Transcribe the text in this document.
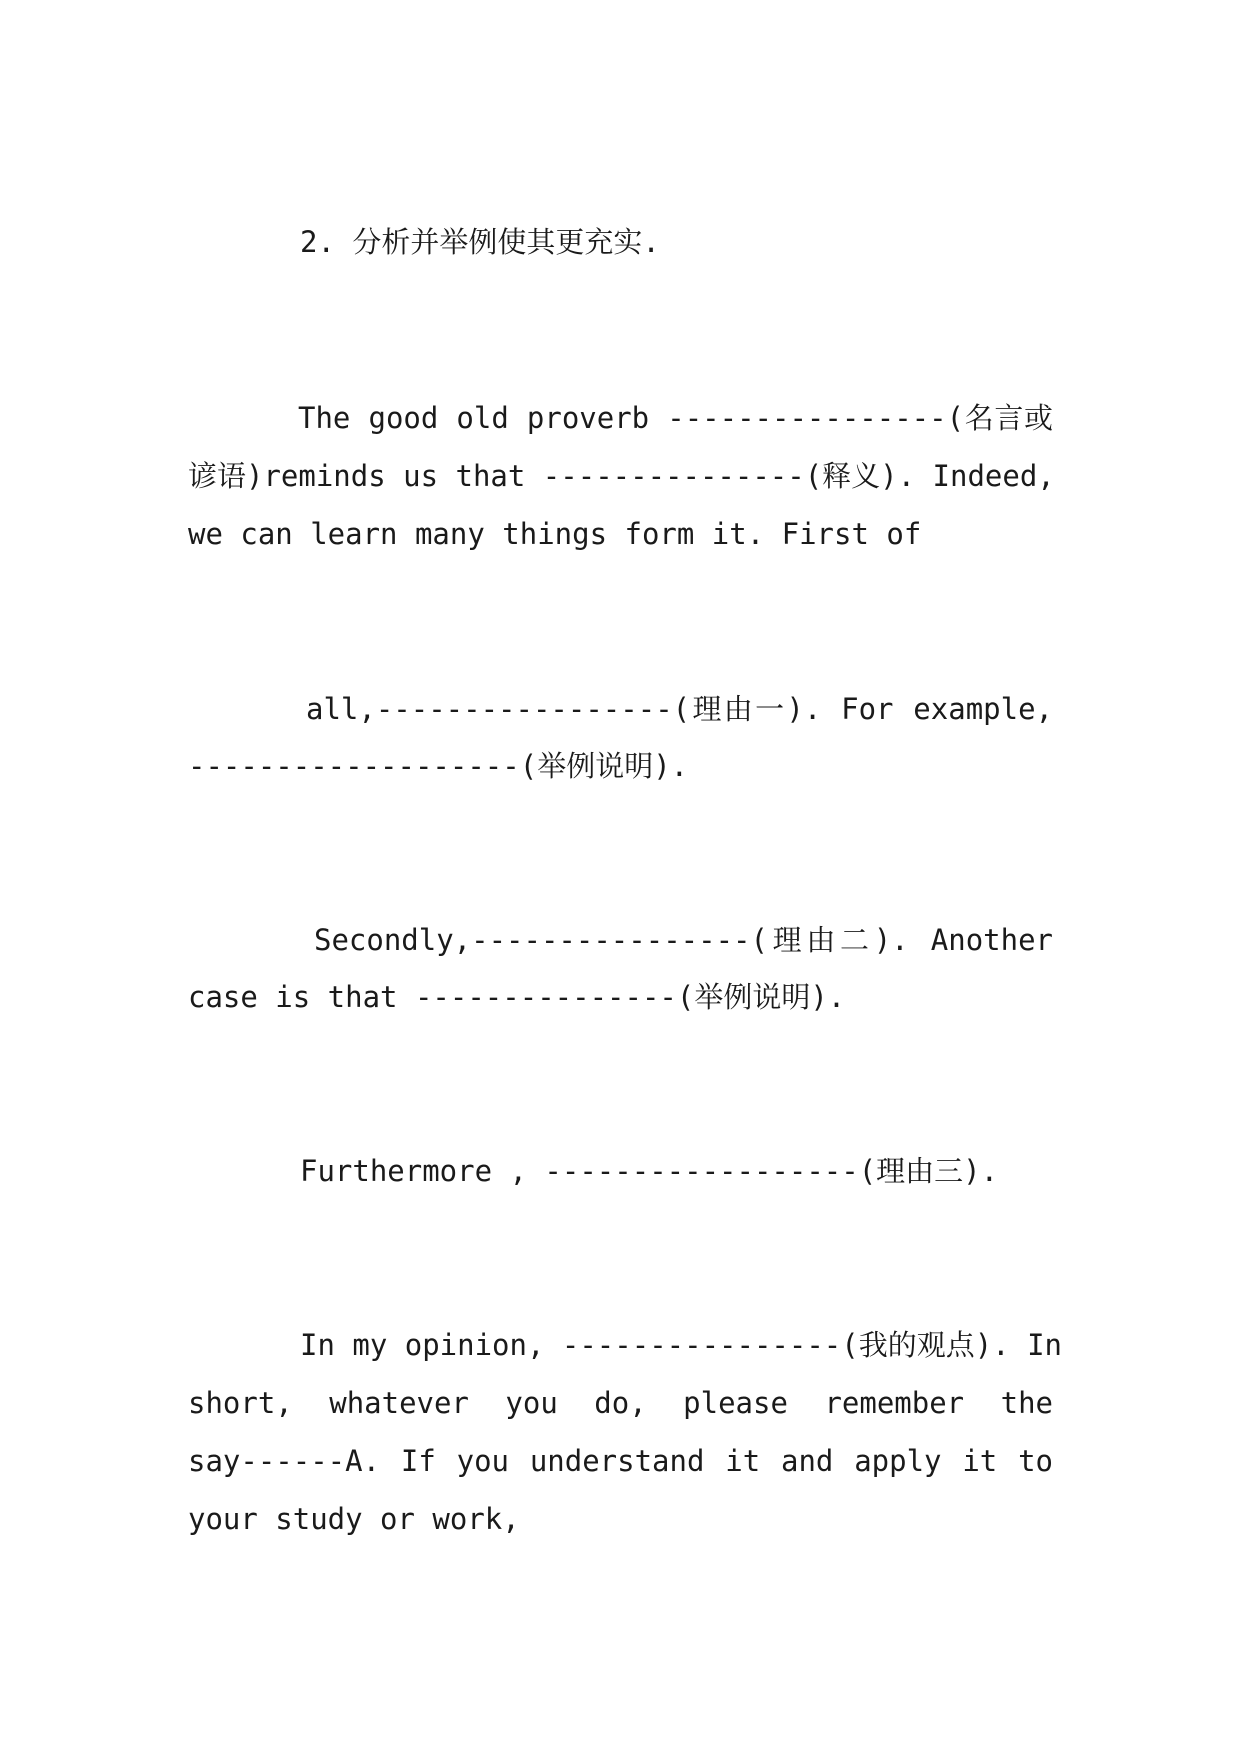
2. 分析并举例使其更充实.
The good old proverb ----------------(名言或
谚语)reminds us that ---------------(释义). Indeed,
we can learn many things form it. First of
all,-----------------(理由一). For example,
-------------------(举例说明).
Secondly,----------------(理由二). Another
case is that ---------------(举例说明).
Furthermore , ------------------(理由三).
In my opinion, ----------------(我的观点). In
short, whatever you do, please remember the
say------A. If you understand it and apply it to
your study or work,
